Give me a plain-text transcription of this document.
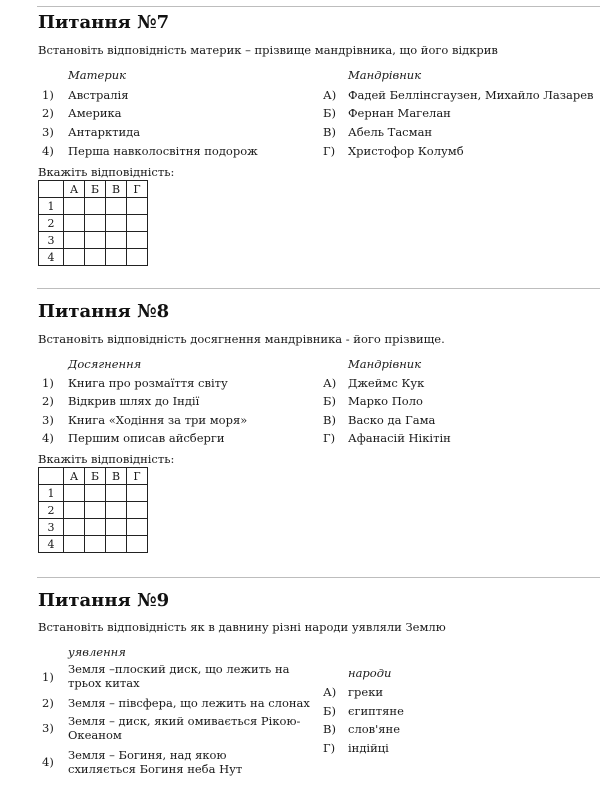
Питання №7
Встановіть відповідність материк – прізвище мандрівника, що його відкрив
Материк	Мандрівник
1) Австралія
2) Америка
3) Антарктида
4) Перша навколосвітня подорож
А) Фадей Беллінсгаузен, Михайло Лазарев
Б) Фернан Магелан
В) Абель Тасман
Г) Христофор Колумб
Вкажіть відповідність:
	А	Б	В	Г
1				
2				
3				
4				
Питання №8
Встановіть відповідність досягнення мандрівника - його прізвище.
Досягнення	Мандрівник
1) Книга про розмаїття світу
2) Відкрив шлях до Індії
3) Книга «Ходіння за три моря»
4) Першим описав айсберги
А) Джеймс Кук
Б) Марко Поло
В) Васко да Гама
Г) Афанасій Нікітін
Вкажіть відповідність:
	А	Б	В	Г
1				
2				
3				
4				
Питання №9
Встановіть відповідність як в давнину різні народи уявляли Землю
уявлення
народи
1)
Земля –плоский диск, що лежить на трьох китах
2) Земля – півсфера, що лежить на слонах
3) Земля – диск, який омивається Рікою-Океаном
4) Земля – Богиня, над якою схиляється Богиня неба Нут
А) греки
Б) єгиптяне
В) слов'яне
Г) індійці
